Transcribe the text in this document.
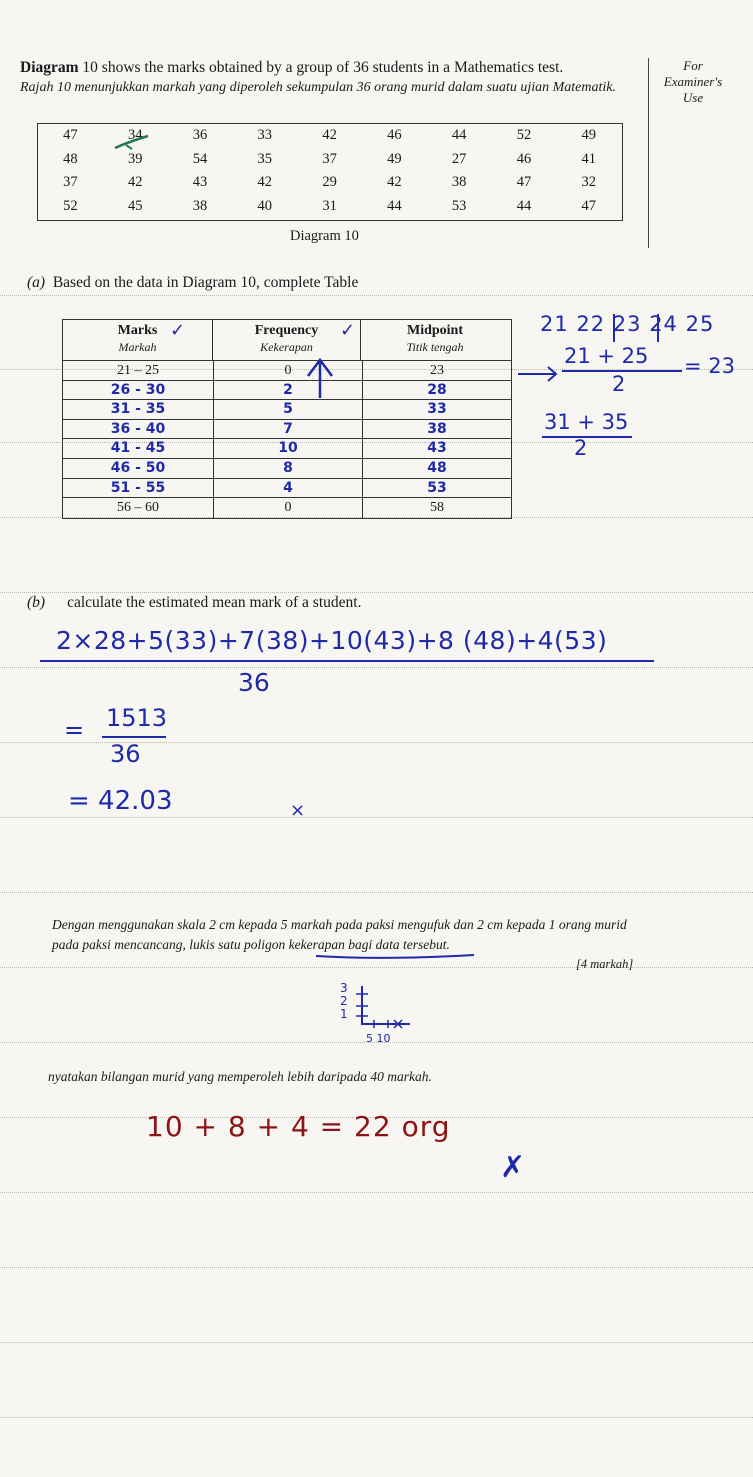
Diagram 10 shows the marks obtained by a group of 36 students in a Mathematics test.
Rajah 10 menunjukkan markah yang diperoleh sekumpulan 36 orang murid dalam suatu ujian Matematik.
For
Examiner's
Use
47	34	36	33	42	46	44	52	49
48	39	54	35	37	49	27	46	41
37	42	43	42	29	42	38	47	32
52	45	38	40	31	44	53	44	47
Diagram 10
(a) Based on the data in Diagram 10, complete Table
Marks
Markah
Frequency
Kekerapan
Midpoint
Titik tengah
21 – 25	0	23
26 - 30	2	28
31 - 35	5	33
36 - 40	7	38
41 - 45	10	43
46 - 50	8	48
51 - 55	4	53
56 – 60	0	58
✓	✓	21 22 23 24 25
21 + 25
2
= 23
31 + 35
2
(b) calculate the estimated mean mark of a student.
2×28+5(33)+7(38)+10(43)+8 (48)+4(53)
36
= 1513
36
= 42.03	×
Dengan menggunakan skala 2 cm kepada 5 markah pada paksi mengufuk dan 2 cm kepada 1 orang murid pada paksi mencancang, lukis satu poligon kekerapan bagi data tersebut.
[4 markah]
3 2 1
5 10
nyatakan bilangan murid yang memperoleh lebih daripada 40 markah.
10 + 8 + 4 = 22 org
✗
